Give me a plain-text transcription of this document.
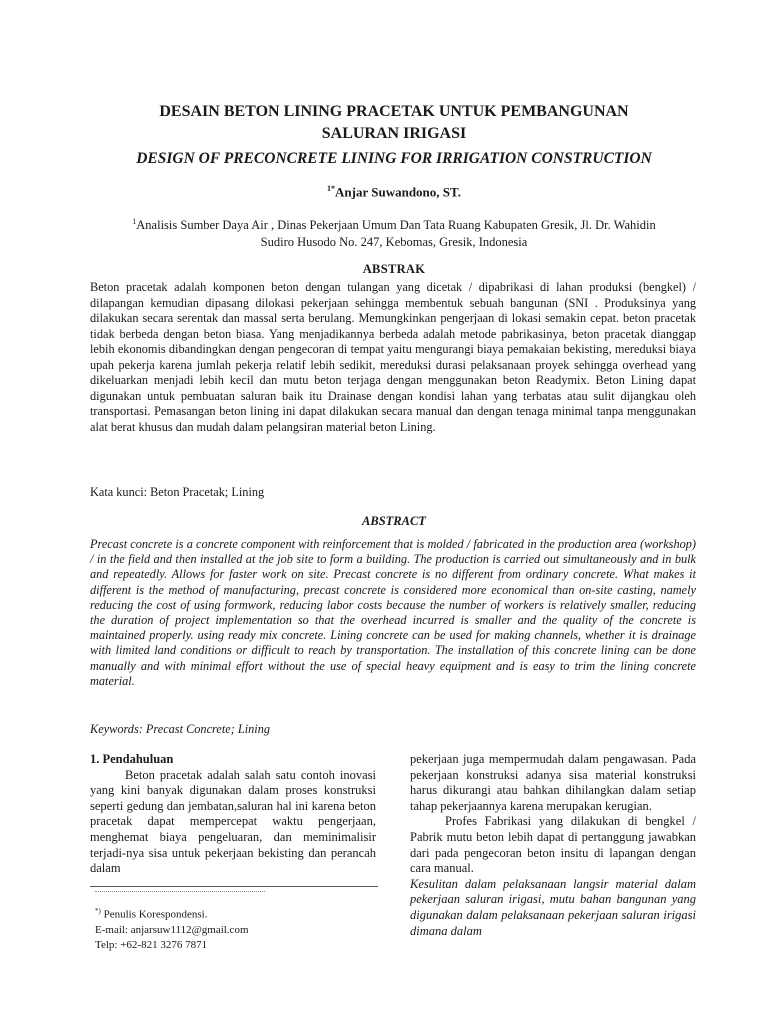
DESAIN BETON LINING PRACETAK UNTUK PEMBANGUNAN
SALURAN IRIGASI
DESIGN OF PRECONCRETE LINING FOR IRRIGATION CONSTRUCTION
$^{1*}$Anjar Suwandono, ST.
$^1$Analisis Sumber Daya Air , Dinas Pekerjaan Umum Dan Tata Ruang Kabupaten Gresik, Jl. Dr. Wahidin
Sudiro Husodo No. 247, Kebomas, Gresik, Indonesia
ABSTRAK
Beton pracetak adalah komponen beton dengan tulangan yang dicetak / dipabrikasi di lahan produksi (bengkel) / dilapangan kemudian dipasang dilokasi pekerjaan sehingga membentuk sebuah bangunan (SNI . Produksinya yang dilakukan secara serentak dan massal serta berulang. Memungkinkan pengerjaan di lokasi semakin cepat. beton pracetak tidak berbeda dengan beton biasa. Yang menjadikannya berbeda adalah metode pabrikasinya, beton pracetak dianggap lebih ekonomis dibandingkan dengan pengecoran di tempat yaitu mengurangi biaya pemakaian bekisting, mereduksi biaya upah pekerja karena jumlah pekerja relatif lebih sedikit, mereduksi durasi pelaksanaan proyek sehingga overhead yang dikeluarkan menjadi lebih kecil dan mutu beton terjaga dengan menggunakan beton Readymix. Beton Lining dapat digunakan untuk pembuatan saluran baik itu Drainase dengan kondisi lahan yang terbatas atau sulit dijangkau oleh transportasi. Pemasangan beton lining ini dapat dilakukan secara manual dan dengan tenaga minimal tanpa menggunakan alat berat khusus dan mudah dalam pelangsiran material beton Lining.
Kata kunci: Beton Pracetak; Lining
ABSTRACT
Precast concrete is a concrete component with reinforcement that is molded / fabricated in the production area (workshop) / in the field and then installed at the job site to form a building. The production is carried out simultaneously and in bulk and repeatedly. Allows for faster work on site. Precast concrete is no different from ordinary concrete. What makes it different is the method of manufacturing, precast concrete is considered more economical than on-site casting, namely reducing the cost of using formwork, reducing labor costs because the number of workers is relatively smaller, reducing the duration of project implementation so that the overhead incurred is smaller and the quality of the concrete is maintained properly. using ready mix concrete. Lining concrete can be used for making channels, whether it is drainage with limited land conditions or difficult to reach by transportation. The installation of this concrete lining can be done manually and with minimal effort without the use of special heavy equipment and is easy to trim the lining concrete material.
Keywords: Precast Concrete; Lining
1. Pendahuluan

Beton pracetak adalah salah satu contoh inovasi yang kini banyak digunakan dalam proses konstruksi seperti gedung dan jembatan,saluran hal ini karena beton pracetak dapat mempercepat waktu pengerjaan, menghemat biaya pengeluaran, dan meminimalisir terjadi-nya sisa untuk pekerjaan bekisting dan perancah dalam

*) Penulis Korespondensi.
E-mail: anjarsuw1112@gmail.com
Telp: +62-821 3276 7871

pekerjaan juga mempermudah dalam pengawasan. Pada pekerjaan konstruksi adanya sisa material konstruksi harus dikurangi atau bahkan dihilangkan dalam setiap tahap pekerjaannya karena merupakan kerugian.

Profes Fabrikasi yang dilakukan di bengkel / Pabrik mutu beton lebih dapat di pertanggung jawabkan dari pada pengecoran beton insitu di lapangan dengan cara manual.

Kesulitan dalam pelaksanaan langsir material dalam pekerjaan saluran irigasi, mutu bahan bangunan yang digunakan dalam pelaksanaan pekerjaan saluran irigasi dimana dalam
